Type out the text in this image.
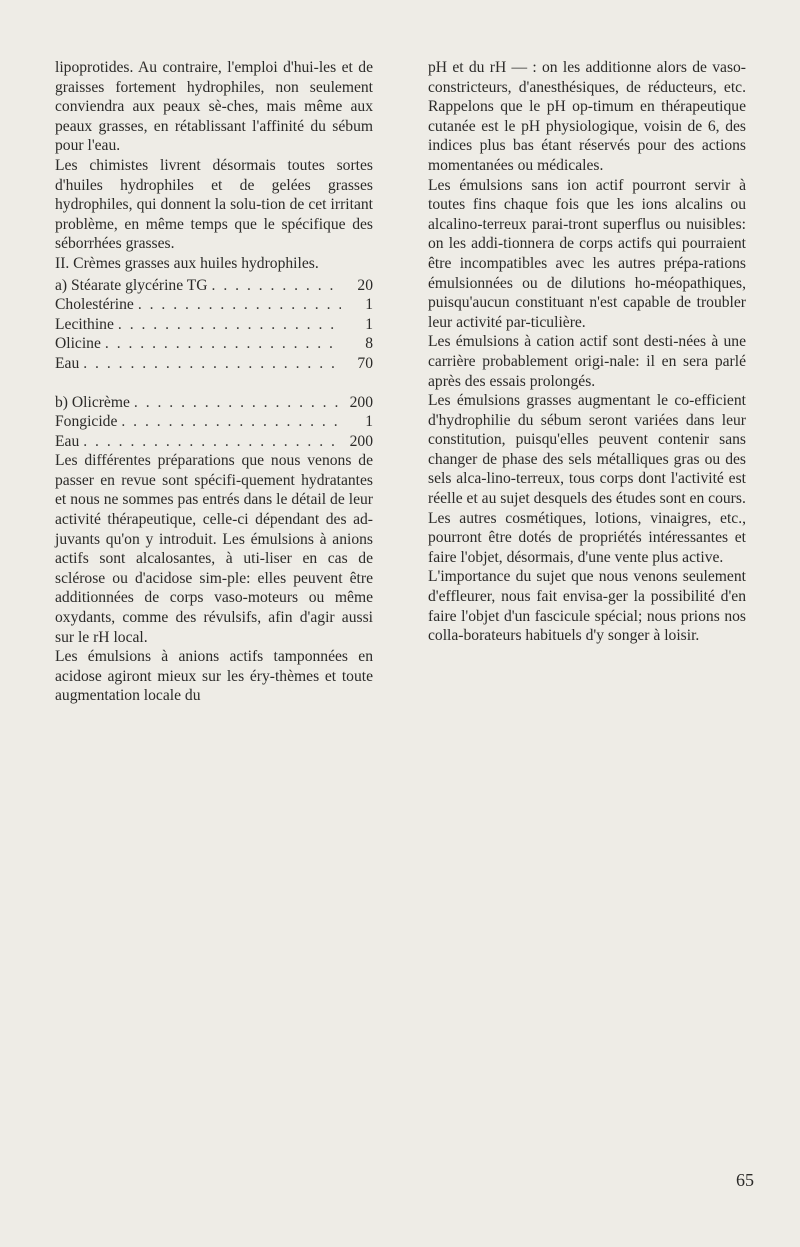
lipoprotides. Au contraire, l'emploi d'hui-les et de graisses fortement hydrophiles, non seulement conviendra aux peaux sè-ches, mais même aux peaux grasses, en rétablissant l'affinité du sébum pour l'eau.

Les chimistes livrent désormais toutes sortes d'huiles hydrophiles et de gelées grasses hydrophiles, qui donnent la solu-tion de cet irritant problème, en même temps que le spécifique des séborrhées grasses.

II. Crèmes grasses aux huiles hydrophiles.

a) Stéarate glycérine TG . . .	20
Cholestérine . . .	1
Lecithine . . .	1
Olicine . . .	8
Eau . . .	70
b) Olicrème . . .	200
Fongicide . . .	1
Eau . . .	200

Les différentes préparations que nous venons de passer en revue sont spécifi-quement hydratantes et nous ne sommes pas entrés dans le détail de leur activité thérapeutique, celle-ci dépendant des ad-juvants qu'on y introduit. Les émulsions à anions actifs sont alcalosantes, à uti-liser en cas de sclérose ou d'acidose sim-ple: elles peuvent être additionnées de corps vaso-moteurs ou même oxydants, comme des révulsifs, afin d'agir aussi sur le rH local.

Les émulsions à anions actifs tamponnées en acidose agiront mieux sur les éry-thèmes et toute augmentation locale du

pH et du rH — : on les additionne alors de vaso-constricteurs, d'anesthésiques, de réducteurs, etc. Rappelons que le pH op-timum en thérapeutique cutanée est le pH physiologique, voisin de 6, des indices plus bas étant réservés pour des actions momentanées ou médicales.

Les émulsions sans ion actif pourront servir à toutes fins chaque fois que les ions alcalins ou alcalino-terreux parai-tront superflus ou nuisibles: on les addi-tionnera de corps actifs qui pourraient être incompatibles avec les autres prépa-rations émulsionnées ou de dilutions ho-méopathiques, puisqu'aucun constituant n'est capable de troubler leur activité par-ticulière.

Les émulsions à cation actif sont desti-nées à une carrière probablement origi-nale: il en sera parlé après des essais prolongés.

Les émulsions grasses augmentant le co-efficient d'hydrophilie du sébum seront variées dans leur constitution, puisqu'elles peuvent contenir sans changer de phase des sels métalliques gras ou des sels alca-lino-terreux, tous corps dont l'activité est réelle et au sujet desquels des études sont en cours.

Les autres cosmétiques, lotions, vinaigres, etc., pourront être dotés de propriétés intéressantes et faire l'objet, désormais, d'une vente plus active.

L'importance du sujet que nous venons seulement d'effleurer, nous fait envisa-ger la possibilité d'en faire l'objet d'un fascicule spécial; nous prions nos colla-borateurs habituels d'y songer à loisir.

65
